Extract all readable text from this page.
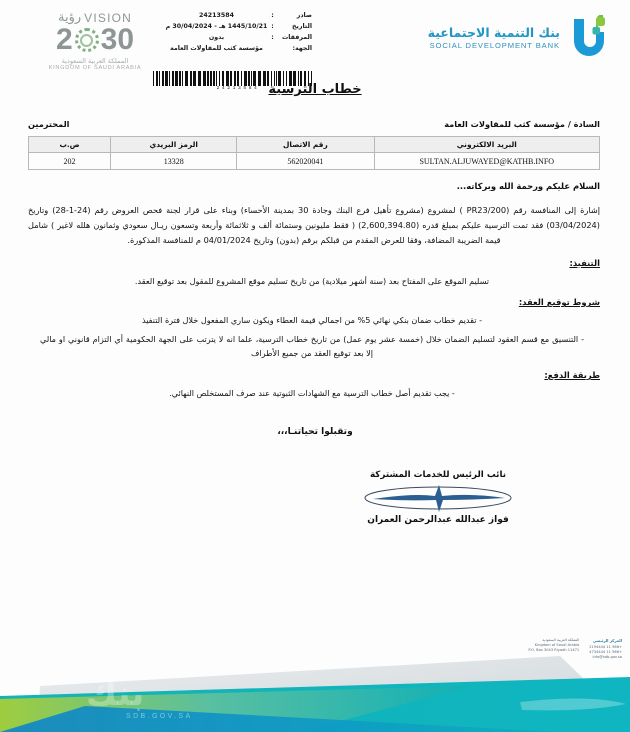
VISION
رؤية
2 30
المملكة العربية السعودية
KINGDOM OF SAUDI ARABIA
صادر
:
24213584
التاريخ
:
1445/10/21 هـ - 30/04/2024 م
المرفقات
:
بدون
الجهة:
مؤسسة كثب للمقاولات العامة
24213584
بنك التنمية الاجتماعية
SOCIAL DEVELOPMENT BANK
خطاب الترسية
السادة / مؤسسة كثب للمقاولات العامة
المحترمين
البريد الالكتروني	رقم الاتصال	الرمز البريدي	ص.ب
SULTAN.ALJUWAYED@KATHB.INFO	562020041	13328	202
السلام عليكم ورحمة الله وبركاته...
إشارة إلى المنافسة رقم (PR23/200 ) لمشروع (مشروع تأهيل فرع البنك وجادة 30 بمدينة الأحساء) وبناء على قرار لجنة فحص العروض رقم (24-1-28) وتاريخ (03/04/2024) فقد تمت الترسية عليكم بمبلغ قدره (2,600,394.80) ( فقط مليونين وستمائة ألف و ثلاثمائة وأربعة وتسعون ريـال سعودي وثمانون هلله لاغير ) شامل قيمة الضريبة المضافة، وفقا للعرض المقدم من قبلكم برقم (بدون) وتاريخ 04/01/2024 م للمنافسة المذكورة.
التنفيذ:
تسليم الموقع على المفتاح بعد (سنة أشهر ميلادية) من تاريخ تسليم موقع المشروع للمقول بعد توقيع العقد.
شروط توقيع العقد:
- تقديم خطاب ضمان بنكي نهائي 5% من اجمالي قيمة العطاء ويكون ساري المفعول خلال فترة التنفيذ
- التنسيق مع قسم العقود لتسليم الضمان خلال (خمسة عشر يوم عمل) من تاريخ خطاب الترسية، علما انه لا يترتب على الجهة الحكومية أي التزام قانوني او مالي إلا بعد توقيع العقد من جميع الأطراف
طريقة الدفع:
- يجب تقديم أصل خطاب الترسية مع الشهادات الثبوتية عند صرف المستخلص النهائي.
وتقبلوا تحياتنـا،،،
نائب الرئيس للخدمات المشتركة
فواز عبدالله عبدالرحمن العمران
المركز الرئيسي
+966 11 2194444
+966 11 4734444
info@sdb.gov.sa
المملكة العربية السعودية
Kingdom of Saudi Arabia
P.O. Box 3043 Riyadh 11471
بنك
SDB.GOV.SA
